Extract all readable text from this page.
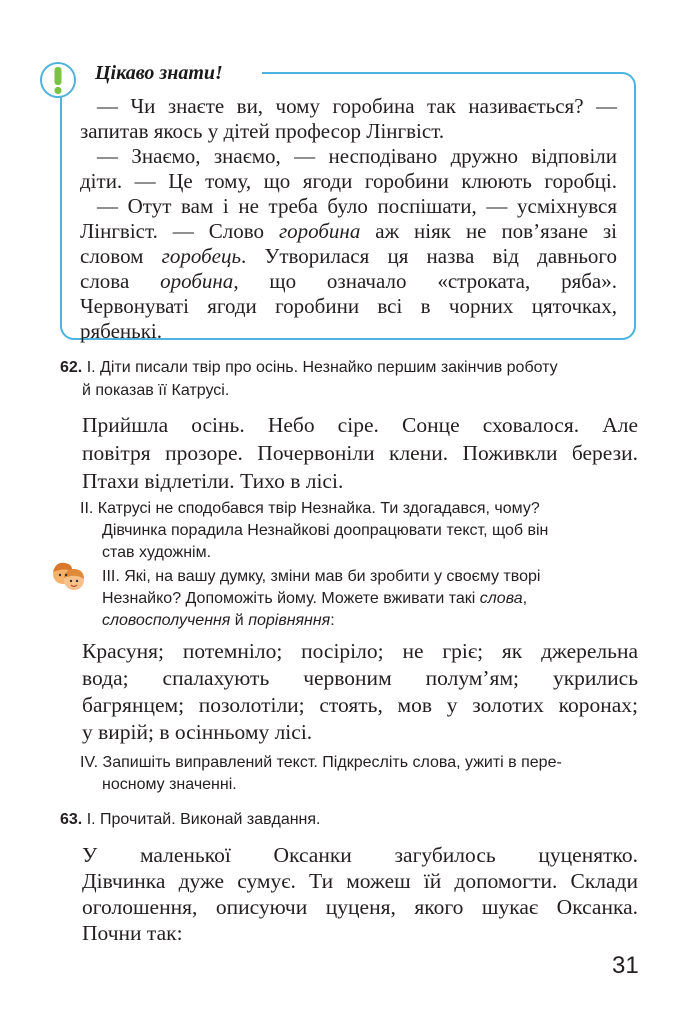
Цікаво знати!
— Чи знаєте ви, чому горобина так називається? —
запитав якось у дітей професор Лінгвіст.
— Знаємо, знаємо, — несподівано дружно відповіли
діти. — Це тому, що ягоди горобини клюють горобці.
— Отут вам і не треба було поспішати, — усміхнувся
Лінгвіст. — Слово горобина аж ніяк не пов’язане зі
словом горобець. Утворилася ця назва від давнього
слова оробина, що означало «строката, ряба».
Червонуваті ягоди горобини всі в чорних цяточках,
рябенькі.
62. І. Діти писали твір про осінь. Незнайко першим закінчив роботу
й показав її Катрусі.
Прийшла осінь. Небо сіре. Сонце сховалося. Але
повітря прозоре. Почервоніли клени. Поживкли берези.
Птахи відлетіли. Тихо в лісі.
ІІ. Катрусі не сподобався твір Незнайка. Ти здогадався, чому?
Дівчинка порадила Незнайкові доопрацювати текст, щоб він
став художнім.
ІІІ. Які, на вашу думку, зміни мав би зробити у своєму творі
Незнайко? Допоможіть йому. Можете вживати такі слова,
словосполучення й порівняння:
Красуня; потемніло; посіріло; не гріє; як джерельна
вода; спалахують червоним полум’ям; укрились
багрянцем; позолотіли; стоять, мов у золотих коронах;
у вирій; в осінньому лісі.
ІV. Запишіть виправлений текст. Підкресліть слова, ужиті в пере-
носному значенні.
63. І. Прочитай. Виконай завдання.
У маленької Оксанки загубилось цуценятко.
Дівчинка дуже сумує. Ти можеш їй допомогти. Склади
оголошення, описуючи цуценя, якого шукає Оксанка.
Почни так:
31
